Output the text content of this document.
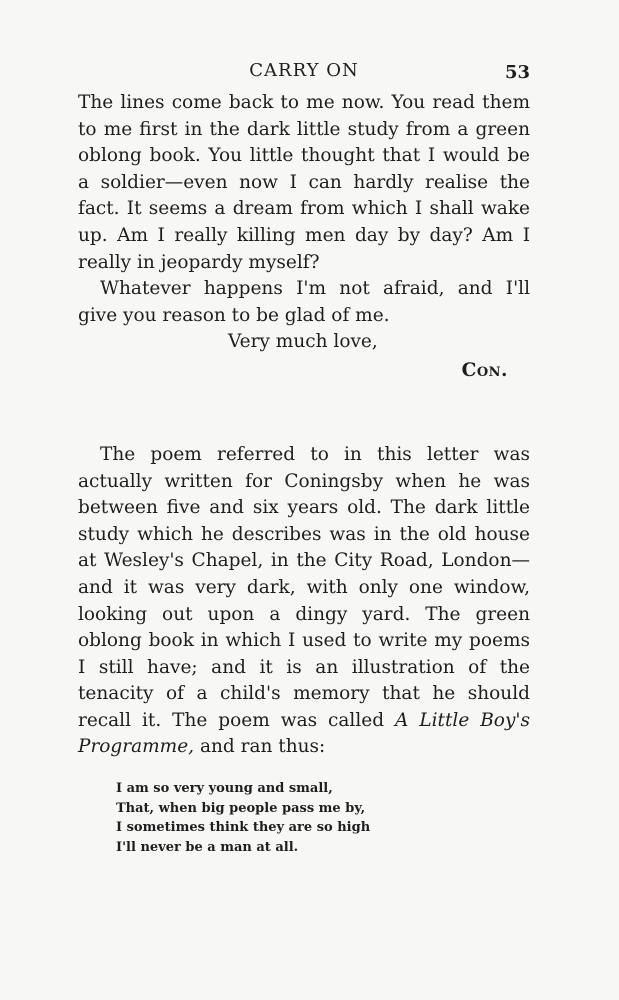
CARRY ON	53

The lines come back to me now. You read them to me first in the dark little study from a green oblong book. You little thought that I would be a soldier—even now I can hardly realise the fact. It seems a dream from which I shall wake up. Am I really killing men day by day? Am I really in jeopardy myself?

Whatever happens I'm not afraid, and I'll give you reason to be glad of me.

Very much love,

Con.

The poem referred to in this letter was actually written for Coningsby when he was between five and six years old. The dark little study which he describes was in the old house at Wesley's Chapel, in the City Road, London—and it was very dark, with only one window, looking out upon a dingy yard. The green oblong book in which I used to write my poems I still have; and it is an illustration of the tenacity of a child's memory that he should recall it. The poem was called A Little Boy's Programme, and ran thus:

I am so very young and small,
That, when big people pass me by,
I sometimes think they are so high
I'll never be a man at all.
